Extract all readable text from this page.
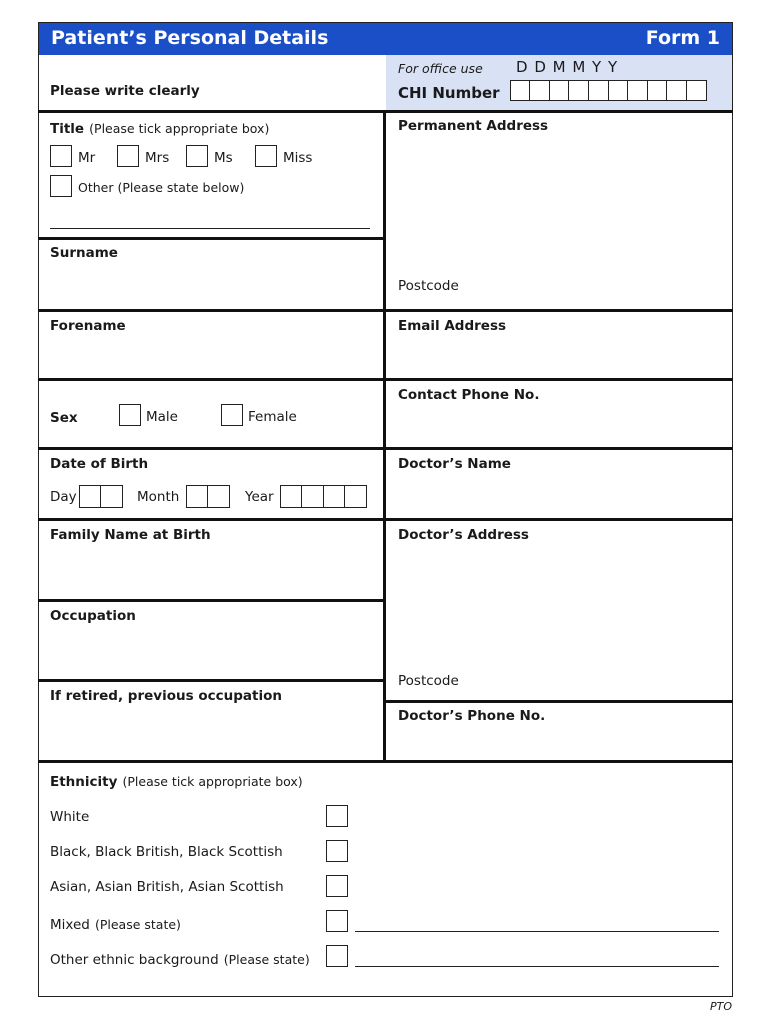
Patient’s Personal Details	Form 1
Please write clearly
For office use D D M M Y Y
CHI Number
Title (Please tick appropriate box)
Mr	Mrs	Ms	Miss
Other (Please state below)
Surname
Forename
Sex	Male	Female
Date of Birth
Day	Month	Year
Family Name at Birth
Occupation
If retired, previous occupation
Permanent Address
Postcode
Email Address
Contact Phone No.
Doctor’s Name
Doctor’s Address
Postcode
Doctor’s Phone No.
Ethnicity (Please tick appropriate box)
White
Black, Black British, Black Scottish
Asian, Asian British, Asian Scottish
Mixed (Please state)
Other ethnic background (Please state)
PTO
